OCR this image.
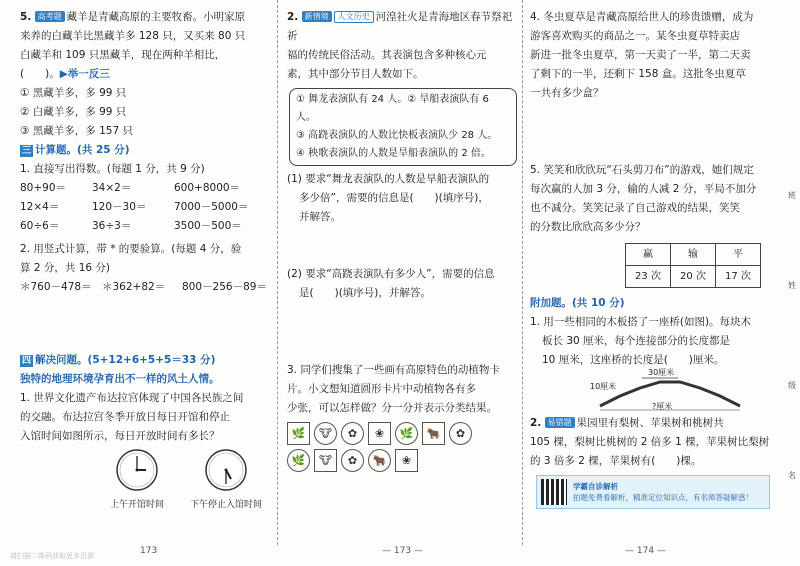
5. 高考题 藏羊是青藏高原的主要牧畜。小明家原

来养的白藏羊比黑藏羊多 128 只，又买来 80 只

白藏羊和 109 只黑藏羊，现在两种羊相比，

(　　)。▶举一反三

① 黑藏羊多，多 99 只

② 白藏羊多，多 99 只

③ 黑藏羊多，多 157 只

三 计算题。(共 25 分)

1. 直接写出得数。(每题 1 分，共 9 分)

80+90＝	34×2＝	600+8000＝
12×4＝	120－30＝	7000－5000＝
60÷6＝	36÷3＝	3500－500＝

2. 用竖式计算，带 * 的要验算。(每题 4 分，验

算 2 分，共 16 分)

＊760－478＝ ＊362+82＝	800－256－89＝

四 解决问题。(5+12+6+5+5＝33 分)

独特的地理环境孕育出不一样的风土人情。

1. 世界文化遗产布达拉宫体现了中国各民族之间

的交融。布达拉宫冬季开放日每日开馆和停止

入馆时间如图所示，每日开放时间有多长？

上午开馆时间	下午停止入馆时间

2. 新情境 人文历史 河湟社火是青海地区春节祭祀祈

福的传统民俗活动。其表演包含多种核心元

素，其中部分节目人数如下。

① 舞龙表演队有 24 人。② 旱船表演队有 6 人。

③ 高跷表演队的人数比快板表演队少 28 人。

④ 秧歌表演队的人数是旱船表演队的 2 倍。

(1) 要求“舞龙表演队的人数是旱船表演队的

多少倍”，需要的信息是(　　)(填序号)，

并解答。

(2) 要求“高跷表演队有多少人”，需要的信息

是(　　)(填序号)，并解答。

3. 同学们搜集了一些画有高原特色的动植物卡

片。小文想知道圆形卡片中动植物各有多

少张，可以怎样做？分一分并表示分类结果。

🌿	🐮	✿	❀	🌿	🐂	✿
🌿	🐮	✿	🐂	❀

4. 冬虫夏草是青藏高原给世人的珍贵馈赠，成为

游客喜欢购买的商品之一。某冬虫夏草特卖店

新进一批冬虫夏草，第一天卖了一半，第二天卖

了剩下的一半，还剩下 158 盒。这批冬虫夏草

一共有多少盒？

5. 笑笑和欣欣玩“石头剪刀布”的游戏，她们规定

每次赢的人加 3 分，输的人减 2 分，平局不加分

也不减分。笑笑记录了自己游戏的结果，笑笑

的分数比欣欣高多少分？

赢	输	平
23 次	20 次	17 次

附加题。(共 10 分)

1. 用一些相同的木板搭了一座桥(如图)。每块木

板长 30 厘米，每个连接部分的长度都是

10 厘米，这座桥的长度是(　　)厘米。

30厘米
10厘米
?厘米

2. 易错题 果园里有梨树、苹果树和桃树共

105 棵，梨树比桃树的 2 倍多 1 棵，苹果树比梨树

的 3 倍多 2 棵，苹果树有(　　)棵。

学霸自诊解析
拍题免费看解析，精准定位知识点，有名师答疑解惑！
班
姓
级
名
173	— 173 —	— 174 —
请扫描二维码获取更多资源
